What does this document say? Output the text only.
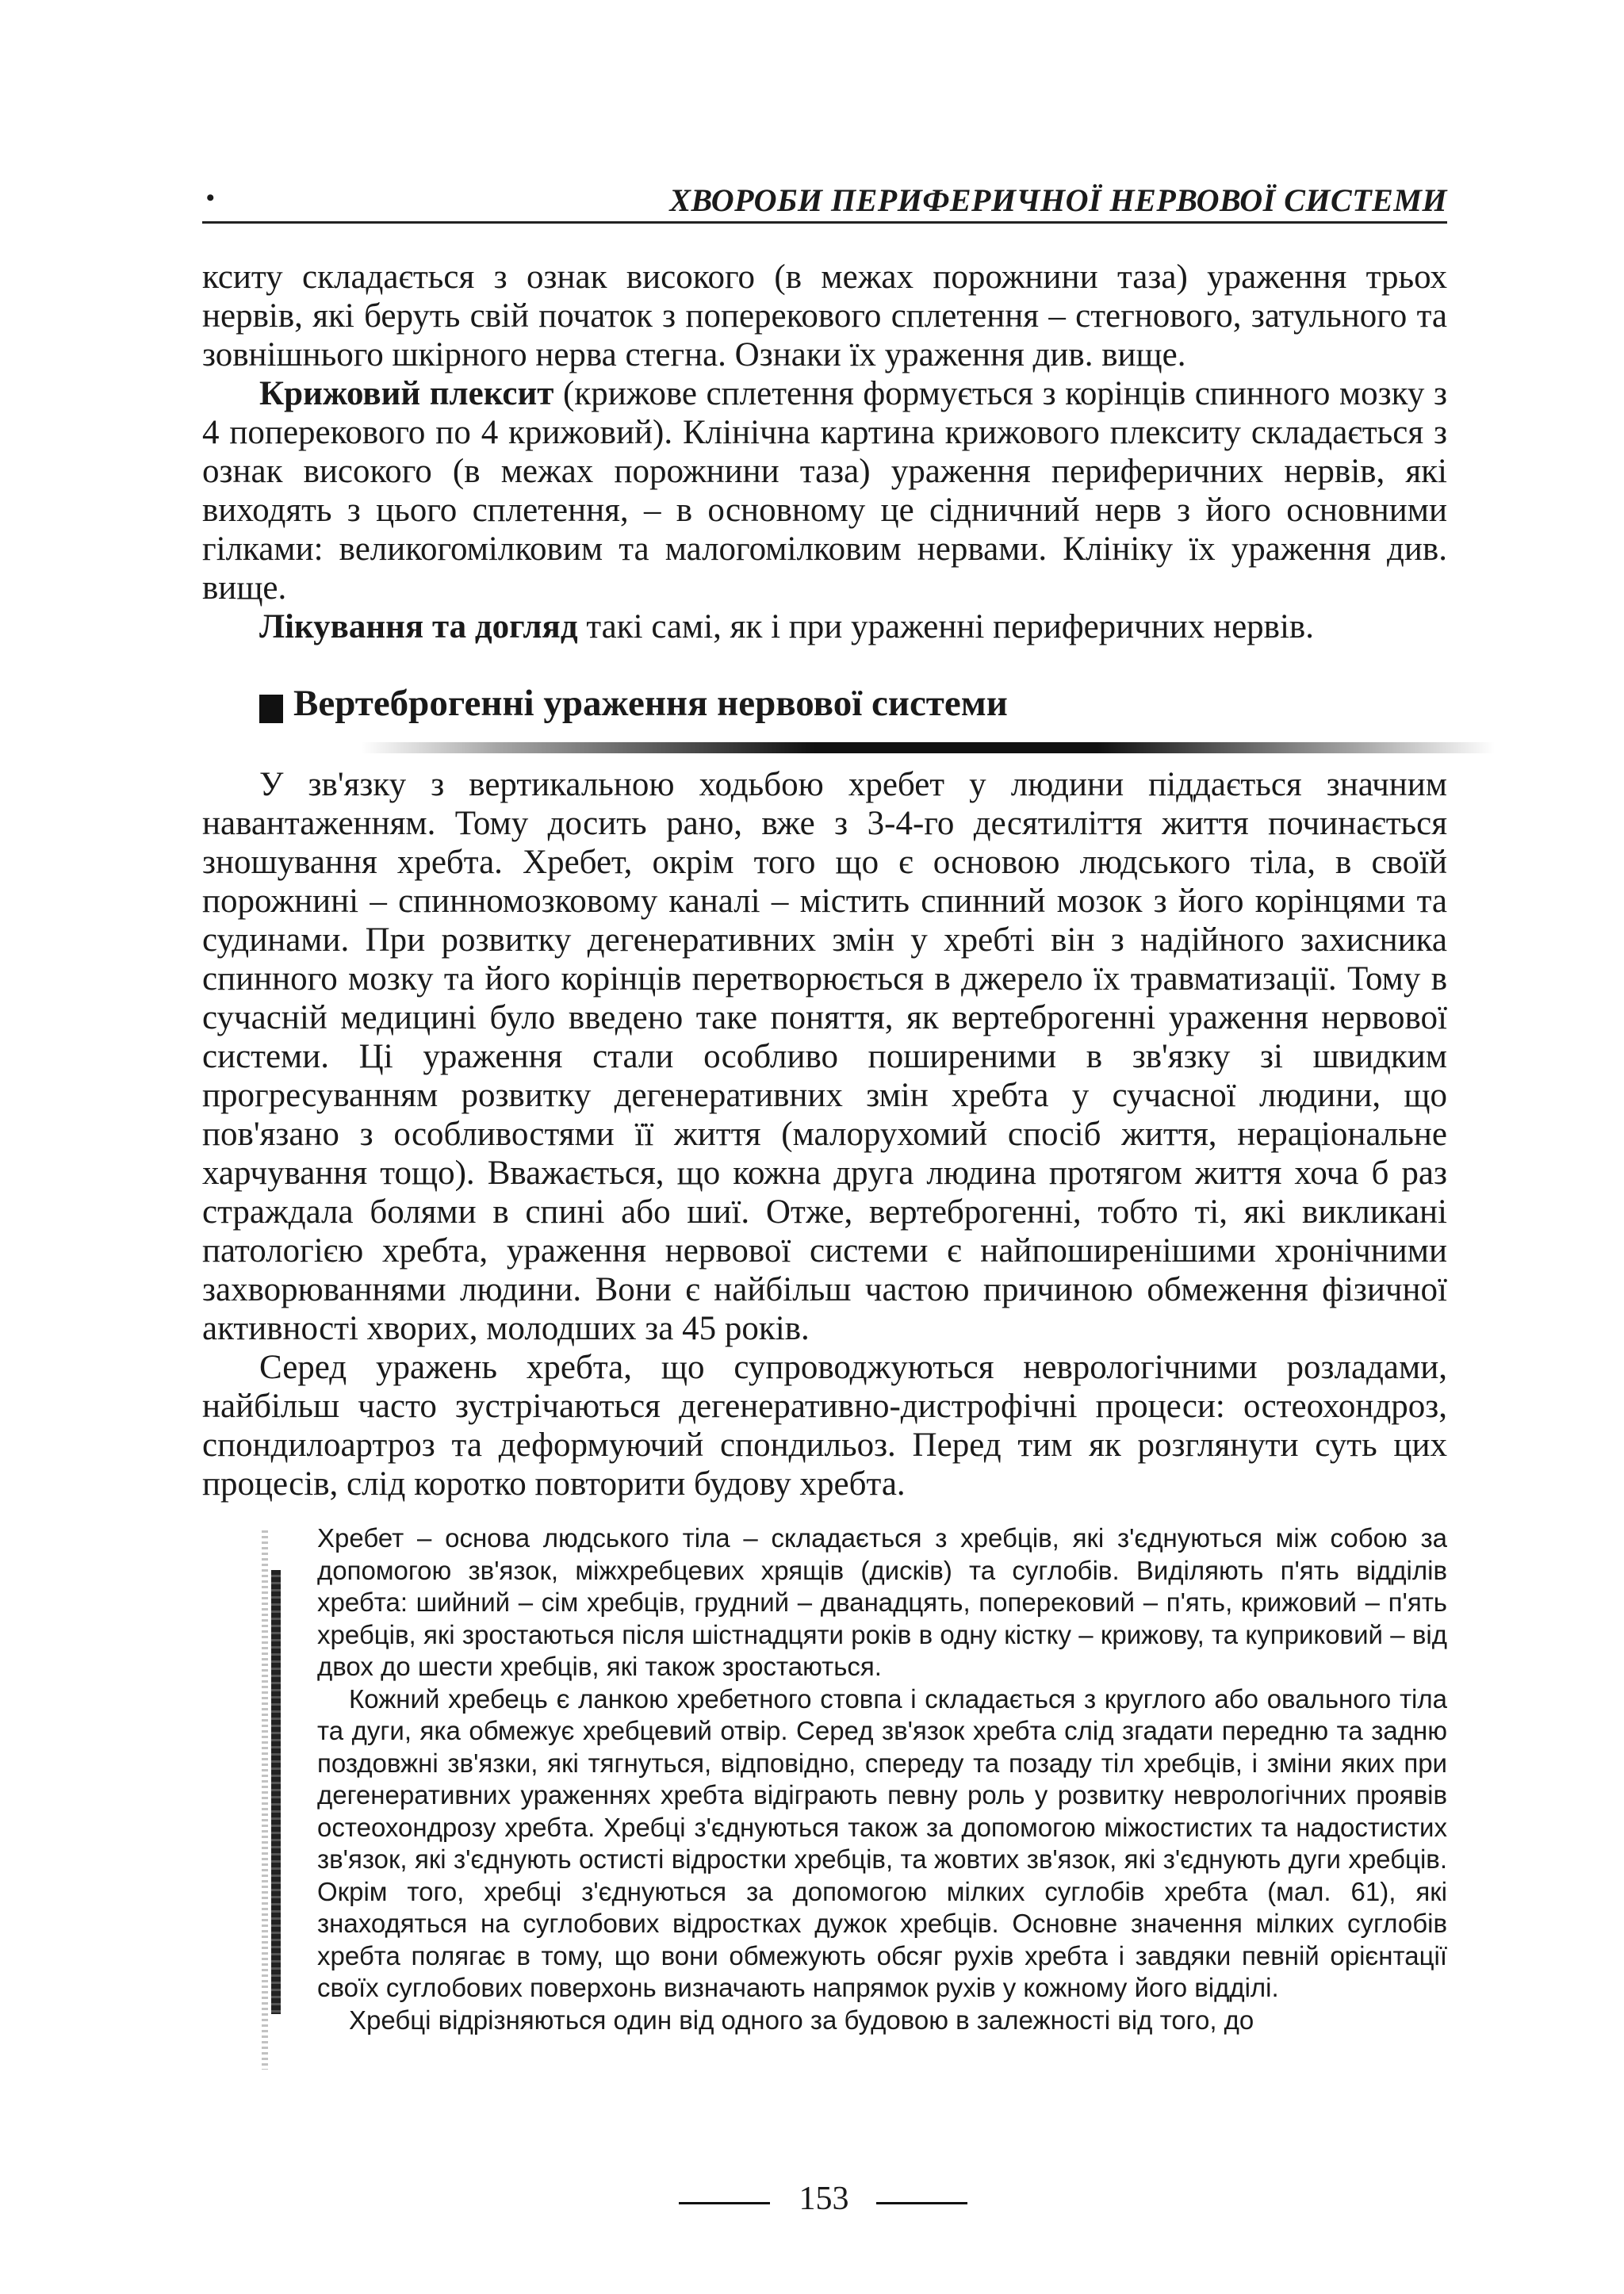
•	ХВОРОБИ ПЕРИФЕРИЧНОЇ НЕРВОВОЇ СИСТЕМИ

кситу складається з ознак високого (в межах порожнини таза) ураження трьох нервів, які беруть свій початок з поперекового сплетення – стегнового, затульного та зовнішнього шкірного нерва стегна. Ознаки їх ураження див. вище.

Крижовий плексит (крижове сплетення формується з корінців спинного мозку з 4 поперекового по 4 крижовий). Клінічна картина крижового плекситу складається з ознак високого (в межах порожнини таза) ураження периферичних нервів, які виходять з цього сплетення, – в основному це сідничний нерв з його основними гілками: великогомілковим та малогомілковим нервами. Клініку їх ураження див. вище.

Лікування та догляд такі самі, як і при ураженні периферичних нервів.

Вертеброгенні ураження нервової системи

У зв'язку з вертикальною ходьбою хребет у людини піддається значним навантаженням. Тому досить рано, вже з 3-4-го десятиліття життя починається зношування хребта. Хребет, окрім того що є основою людського тіла, в своїй порожнині – спинномозковому каналі – містить спинний мозок з його корінцями та судинами. При розвитку дегенеративних змін у хребті він з надійного захисника спинного мозку та його корінців перетворюється в джерело їх травматизації. Тому в сучасній медицині було введено таке поняття, як вертеброгенні ураження нервової системи. Ці ураження стали особливо поширеними в зв'язку зі швидким прогресуванням розвитку дегенеративних змін хребта у сучасної людини, що пов'язано з особливостями її життя (малорухомий спосіб життя, нераціональне харчування тощо). Вважається, що кожна друга людина протягом життя хоча б раз страждала болями в спині або шиї. Отже, вертеброгенні, тобто ті, які викликані патологією хребта, ураження нервової системи є найпоширенішими хронічними захворюваннями людини. Вони є найбільш частою причиною обмеження фізичної активності хворих, молодших за 45 років.

Серед уражень хребта, що супроводжуються неврологічними розладами, найбільш часто зустрічаються дегенеративно-дистрофічні процеси: остеохондроз, спондилоартроз та деформуючий спондильоз. Перед тим як розглянути суть цих процесів, слід коротко повторити будову хребта.

Хребет – основа людського тіла – складається з хребців, які з'єднуються між собою за допомогою зв'язок, міжхребцевих хрящів (дисків) та суглобів. Виділяють п'ять відділів хребта: шийний – сім хребців, грудний – дванадцять, поперековий – п'ять, крижовий – п'ять хребців, які зростаються після шістнадцяти років в одну кістку – крижову, та куприковий – від двох до шести хребців, які також зростаються.

Кожний хребець є ланкою хребетного стовпа і складається з круглого або овального тіла та дуги, яка обмежує хребцевий отвір. Серед зв'язок хребта слід згадати передню та задню поздовжні зв'язки, які тягнуться, відповідно, спереду та позаду тіл хребців, і зміни яких при дегенеративних ураженнях хребта відіграють певну роль у розвитку неврологічних проявів остеохондрозу хребта. Хребці з'єднуються також за допомогою міжостистих та надостистих зв'язок, які з'єднують остисті відростки хребців, та жовтих зв'язок, які з'єднують дуги хребців. Окрім того, хребці з'єднуються за допомогою мілких суглобів хребта (мал. 61), які знаходяться на суглобових відростках дужок хребців. Основне значення мілких суглобів хребта полягає в тому, що вони обмежують обсяг рухів хребта і завдяки певній орієнтації своїх суглобових поверхонь визначають напрямок рухів у кожному його відділі.

Хребці відрізняються один від одного за будовою в залежності від того, до

153
